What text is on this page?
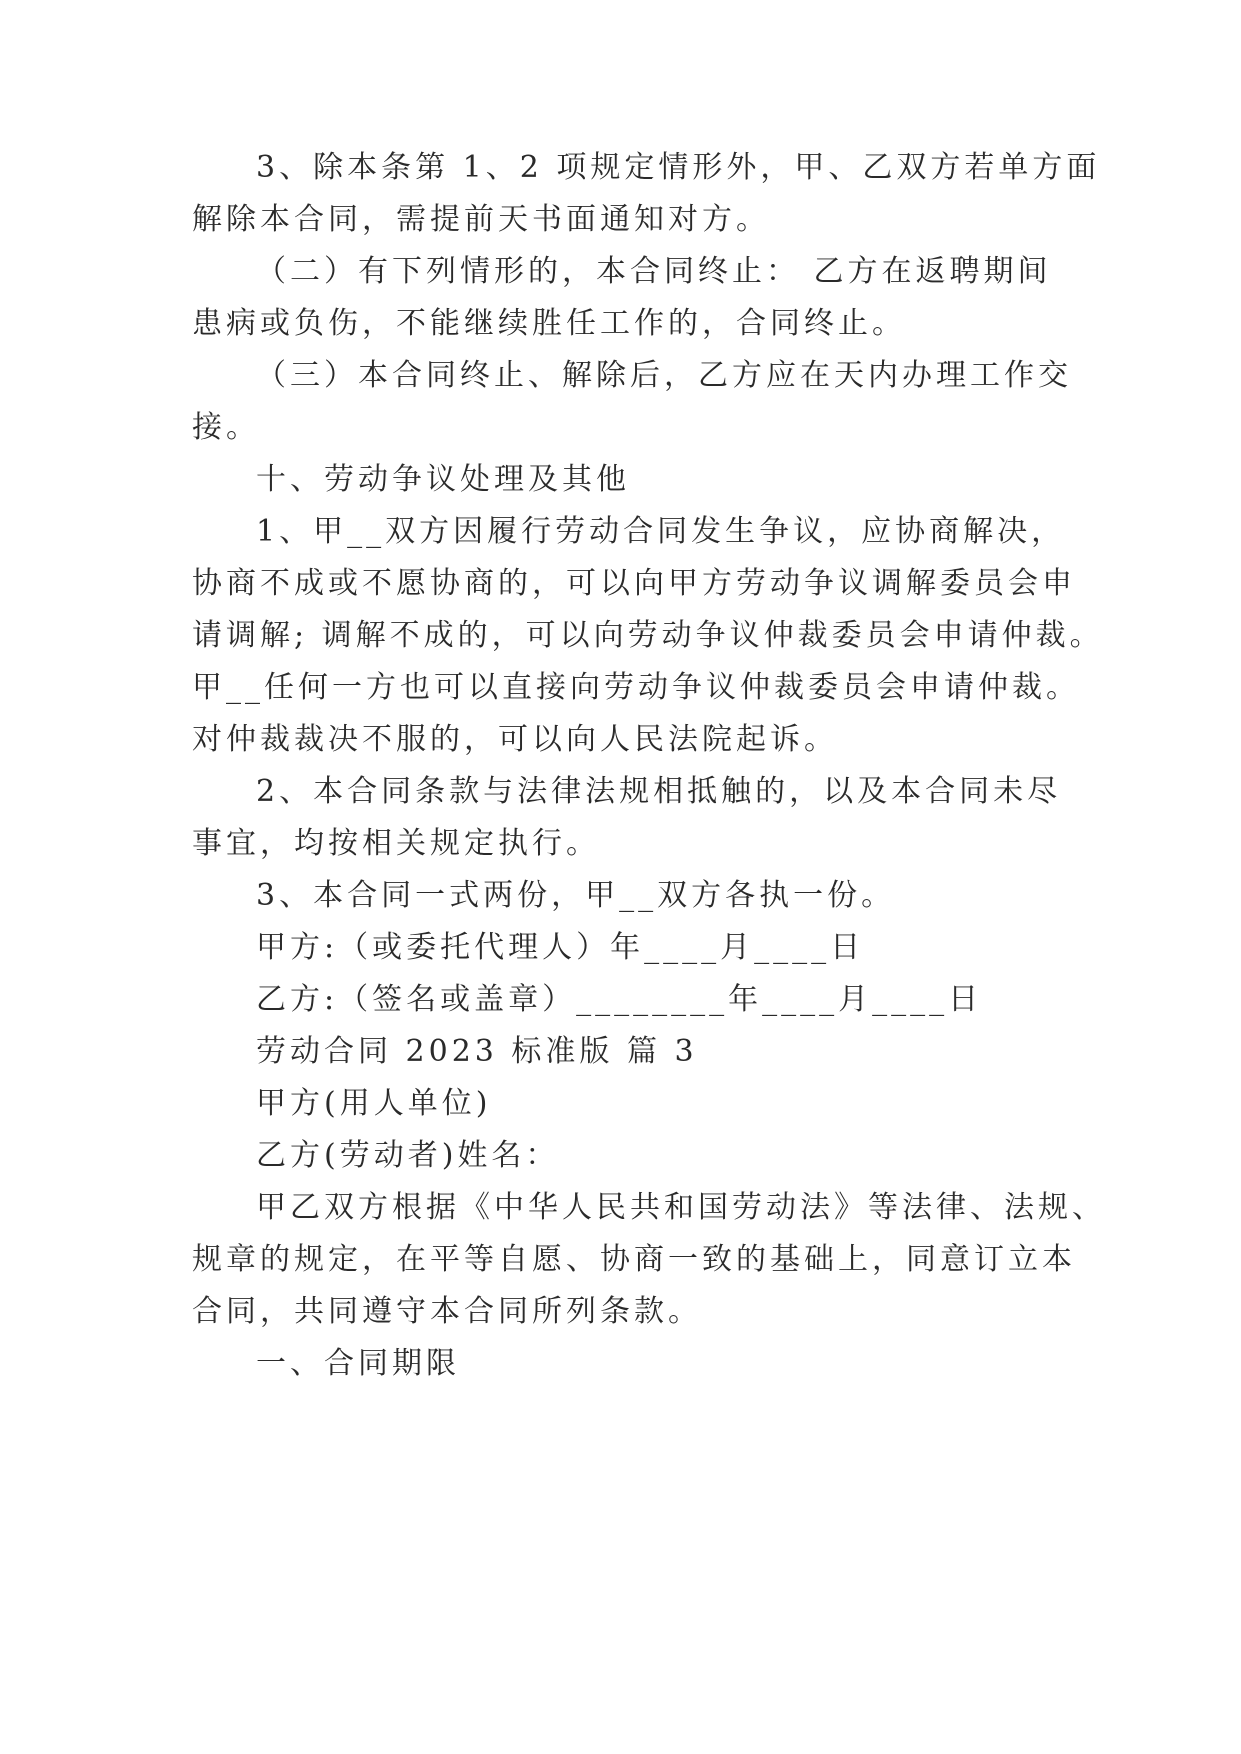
3、除本条第 1、2 项规定情形外，甲、乙双方若单方面

解除本合同，需提前天书面通知对方。

（二）有下列情形的，本合同终止： 乙方在返聘期间

患病或负伤，不能继续胜任工作的，合同终止。

（三）本合同终止、解除后，乙方应在天内办理工作交

接。

十、劳动争议处理及其他

1、甲__双方因履行劳动合同发生争议，应协商解决，

协商不成或不愿协商的，可以向甲方劳动争议调解委员会申

请调解; 调解不成的，可以向劳动争议仲裁委员会申请仲裁。

甲__任何一方也可以直接向劳动争议仲裁委员会申请仲裁。

对仲裁裁决不服的，可以向人民法院起诉。

2、本合同条款与法律法规相抵触的，以及本合同未尽

事宜，均按相关规定执行。

3、本合同一式两份，甲__双方各执一份。

甲方:（或委托代理人）年____月____日

乙方:（签名或盖章）________年____月____日

劳动合同 2023 标准版 篇 3

甲方(用人单位)

乙方(劳动者)姓名：

甲乙双方根据《中华人民共和国劳动法》等法律、法规、

规章的规定，在平等自愿、协商一致的基础上，同意订立本

合同，共同遵守本合同所列条款。

一、合同期限
